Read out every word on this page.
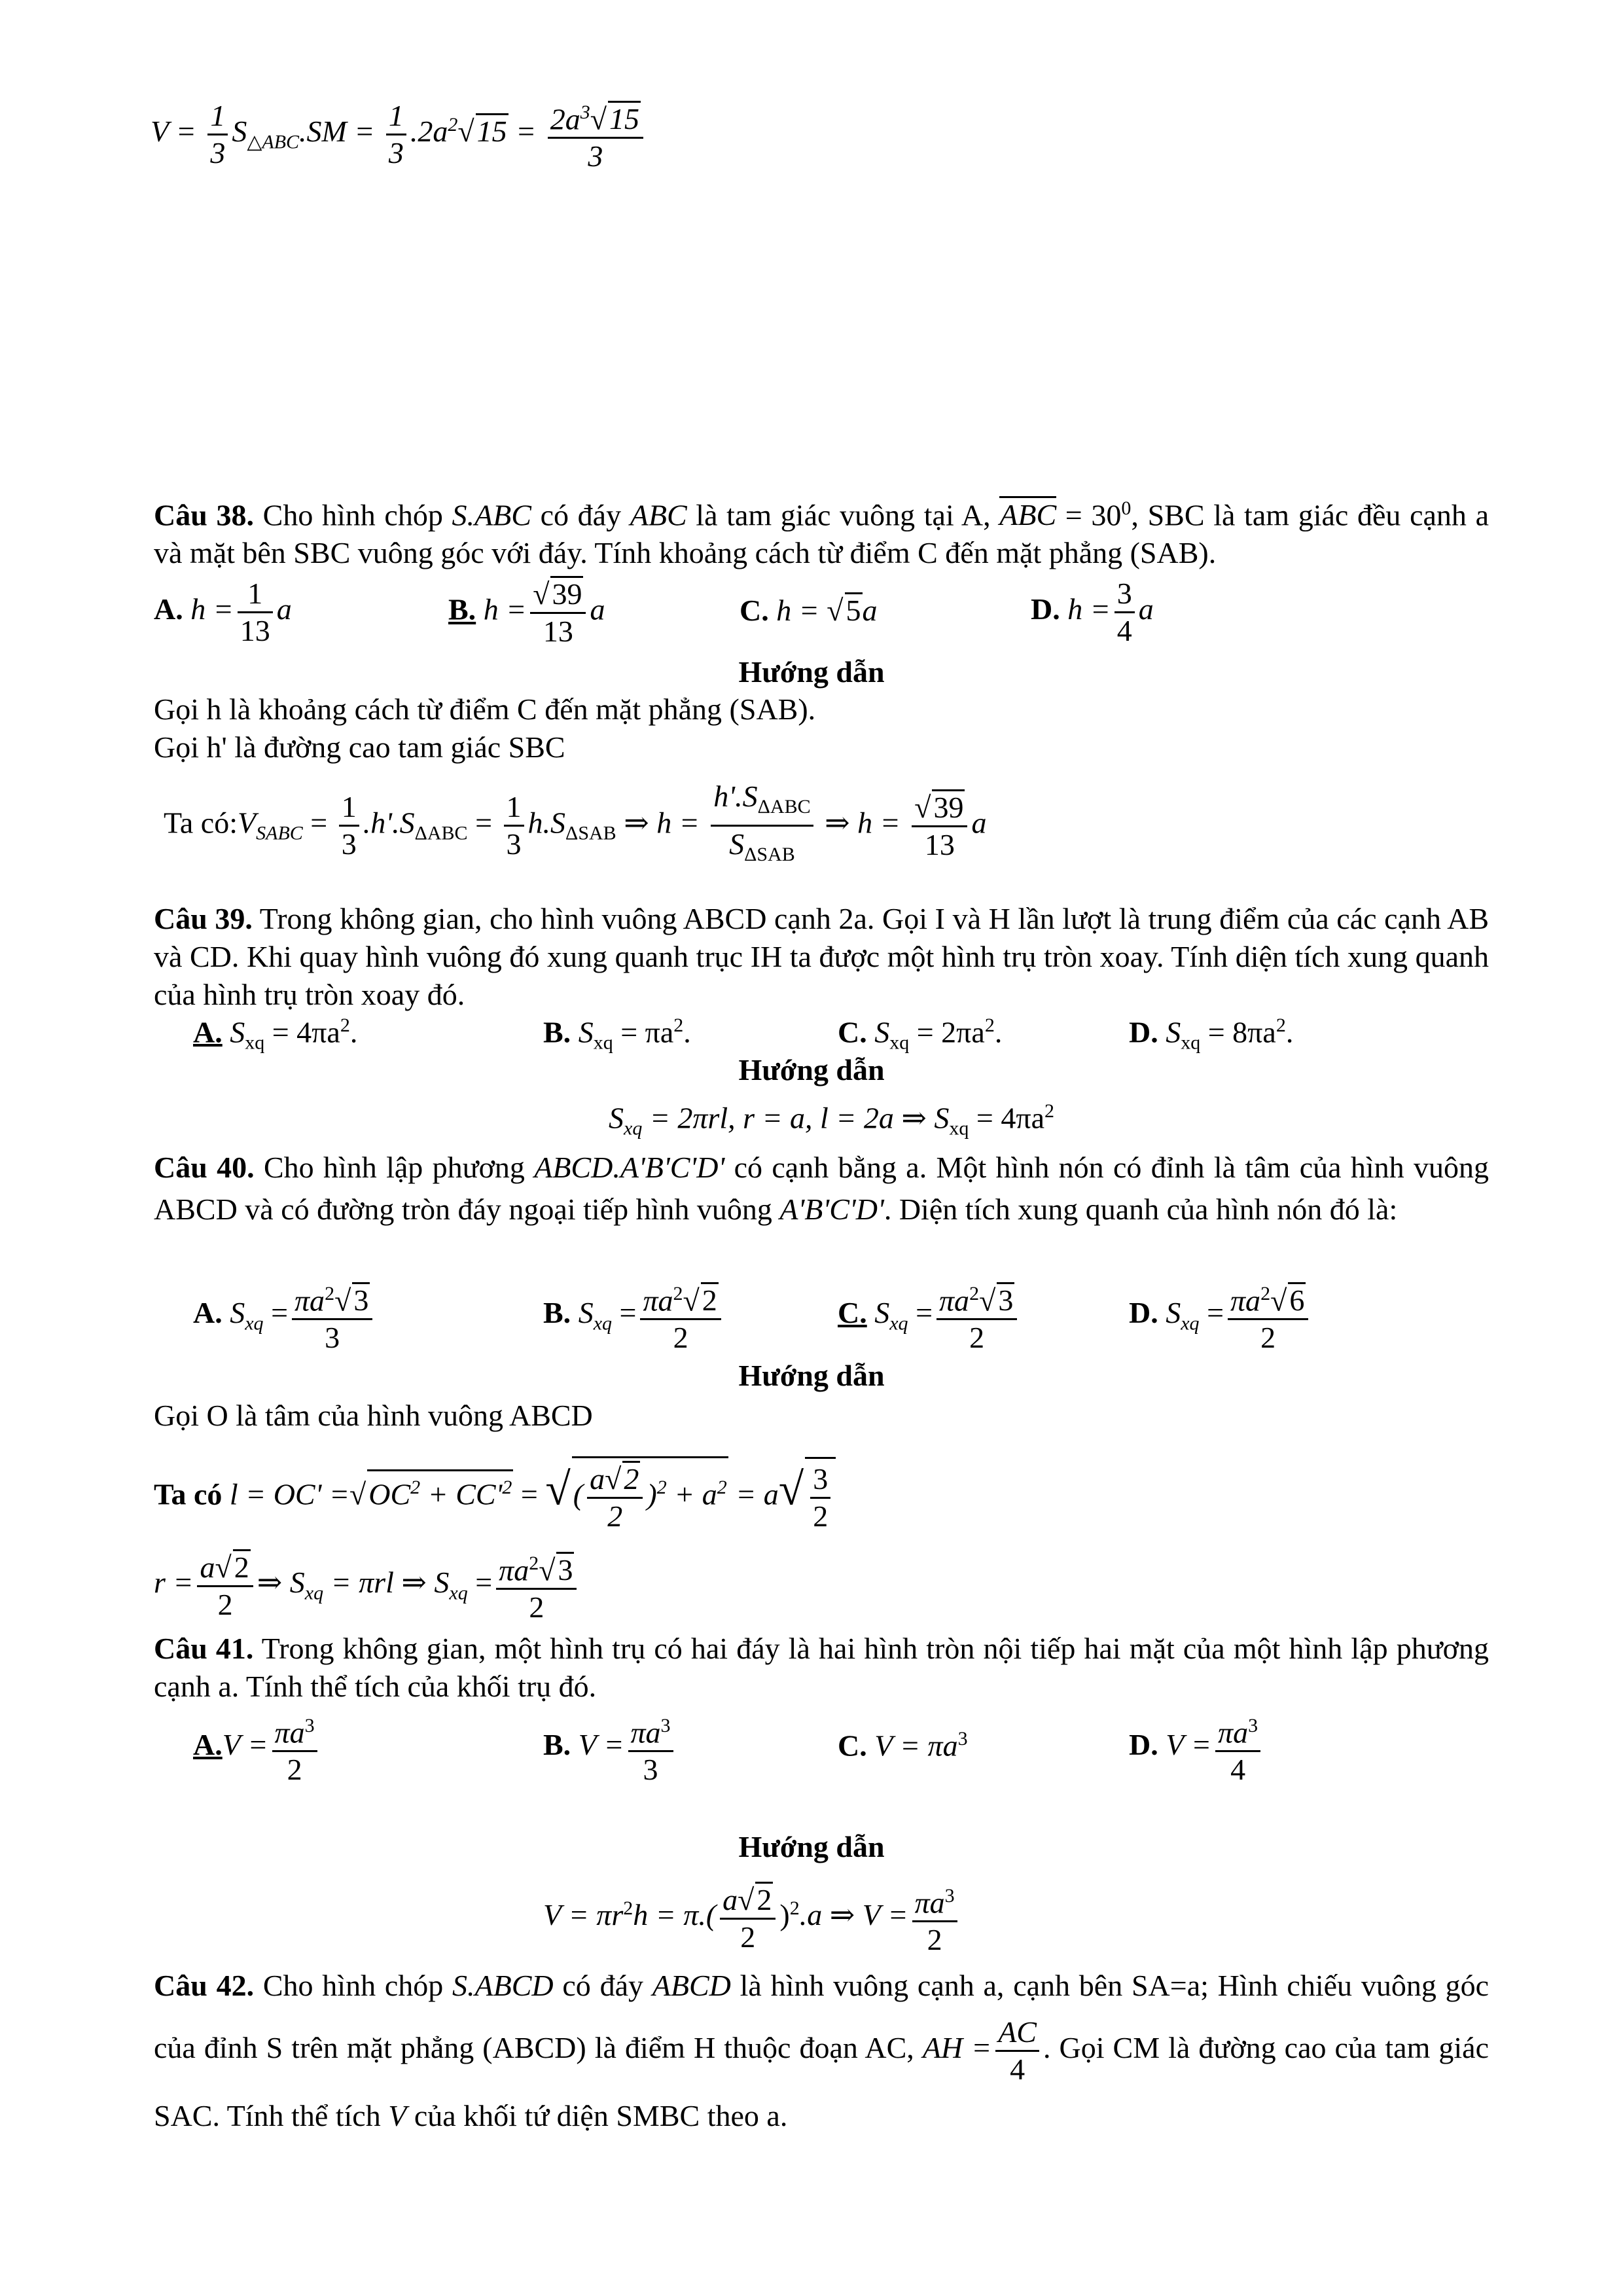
$V = \frac{1}{3} S_{\triangle ABC}.SM = \frac{1}{3} .2a^2√15 = \frac{2a^3√15}{3}$
Câu 38. Cho hình chóp S.ABC có đáy ABC là tam giác vuông tại A, ABC = $30^0$, SBC là tam giác đều cạnh a và mặt bên SBC vuông góc với đáy. Tính khoảng cách từ điểm C đến mặt phẳng (SAB).
A. $h = \frac{1}{13}$ a	B. $h = \frac{√39}{13}$ a	C. h = √5a	D. $h = \frac{3}{4}$ a
Hướng dẫn
Gọi h là khoảng cách từ điểm C đến mặt phẳng (SAB).
Gọi h' là đường cao tam giác SBC
Ta $có:V_{SABC} = \frac{1}{3} .h'.S_{\Delta ABC} = \frac{1}{3} h.S_{\Delta SAB}$ ⇒ $h = \frac{h'.S_{\Delta ABC}}{S_{\Delta SAB}}$ ⇒ $h = \frac{√39}{13}$ a
Câu 39. Trong không gian, cho hình vuông ABCD cạnh 2a. Gọi I và H lần lượt là trung điểm của các cạnh AB và CD. Khi quay hình vuông đó xung quanh trục IH ta được một hình trụ tròn xoay. Tính diện tích xung quanh của hình trụ tròn xoay đó.
A. $S_{xq} = 4\pi a^2$.	B. $S_{xq} = \pi a^2$.	C. $S_{xq} = 2\pi a^2$.	D. $S_{xq} = 8\pi a^2$.
Hướng dẫn
$S_{xq} = 2\pi rl$, r = a, l = 2a ⇒ $S_{xq} = 4\pi a^2$
Câu 40. Cho hình lập phương ABCD.A'B'C'D' có cạnh bằng a. Một hình nón có đỉnh là tâm của hình vuông ABCD và có đường tròn đáy ngoại tiếp hình vuông A'B'C'D'. Diện tích xung quanh của hình nón đó là:
A. $S_{xq} = \frac{\pi a^2√3}{3}$	B. $S_{xq} = \frac{\pi a^2√2}{2}$	C. $S_{xq} = \frac{\pi a^2√3}{2}$	D. $S_{xq} = \frac{\pi a^2√6}{2}$
Hướng dẫn
Gọi O là tâm của hình vuông ABCD
Ta có $l = OC' =√OC^2 + CC'^2$ = √( $\frac{a√2}{2} )^2 + a^2 = a√ \frac{3}{2}$
$r = \frac{a√2}{2}$ ⇒ $S_{xq} = \pi rl$ ⇒ $S_{xq} = \frac{\pi a^2√3}{2}$
Câu 41. Trong không gian, một hình trụ có hai đáy là hai hình tròn nội tiếp hai mặt của một hình lập phương cạnh a. Tính thể tích của khối trụ đó.
$A.V = \frac{\pi a^3}{2}$	B. $V = \frac{\pi a^3}{3}$	C. $V = \pi a^3$	D. $V = \frac{\pi a^3}{4}$
Hướng dẫn
$V = \pi r^2h = \pi.( \frac{a√2}{2} )^2.a$ ⇒ $V = \frac{\pi a^3}{2}$
Câu 42. Cho hình chóp S.ABCD có đáy ABCD là hình vuông cạnh a, cạnh bên SA=a; Hình chiếu vuông góc của đỉnh S trên mặt phẳng (ABCD) là điểm H thuộc đoạn AC, AH = $\frac{AC}{4}$ . Gọi CM là đường cao của tam giác SAC. Tính thể tích V của khối tứ diện SMBC theo a.
